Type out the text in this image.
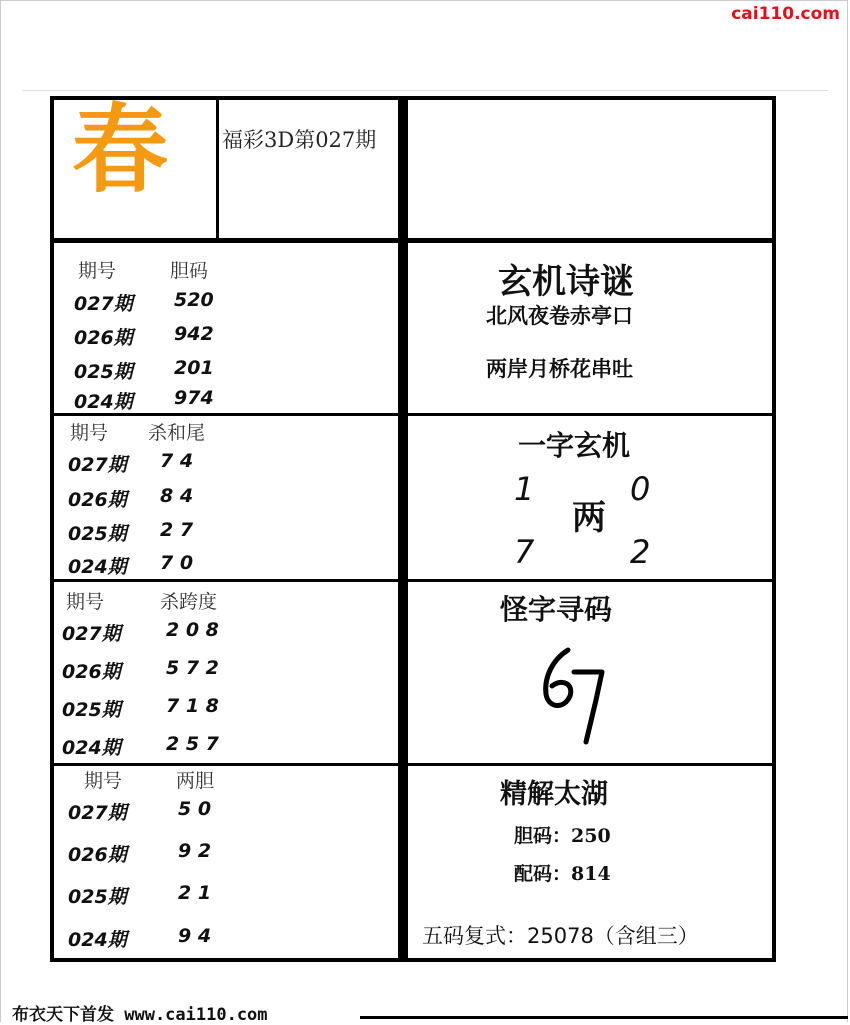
cai110.com
春	福彩3D第027期
期号	胆码
027期 520
026期 942
025期 201
024期 974
期号 杀和尾
027期 7 4
026期 8 4
025期 2 7
024期 7 0
期号	杀跨度
027期 2 0 8
026期 5 7 2
025期 7 1 8
024期 2 5 7
期号	两胆
027期	5 0
026期	9 2
025期	2 1
024期	9 4
玄机诗谜
北风夜卷赤亭口
两岸月桥花串吐
一字玄机
两
1	0
7	2
怪字寻码
精解太湖
胆码：250
配码：814
五码复式：25078（含组三）
布衣天下首发 www.cai110.com
